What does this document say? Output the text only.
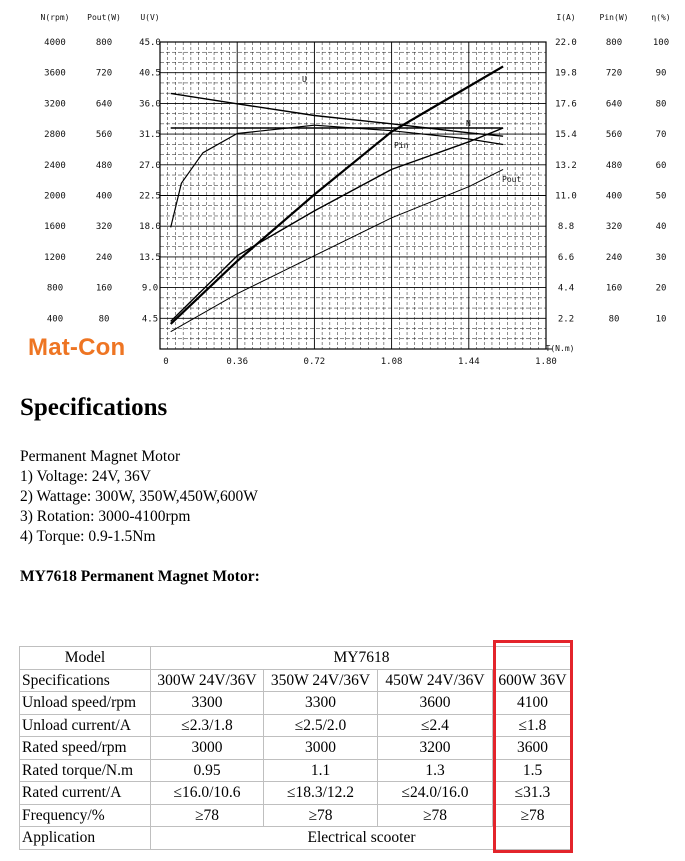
N(rpm) Pout(W) U(V)	I(A)	Pin(W)	η(%)
4000	800	45.0	22.0	800	100
3600	720	40.5	19.8	720	90
3200	640	36.0	17.6	640	80
2800	560	31.5	15.4	560	70
2400	480	27.0	13.2	480	60
2000	400	22.5	11.0	400	50
1600	320	18.0	8.8	320	40
1200	240	13.5	6.6	240	30
800	160	9.0	4.4	160	20
400	80	4.5	2.2	80	10
0	0.36	0.72	1.08	1.44	1.80
T(N.m)
U
N
Pin
Pout
Mat-Con
Specifications
Permanent Magnet Motor
1) Voltage: 24V, 36V
2) Wattage: 300W, 350W,450W,600W
3) Rotation: 3000-4100rpm
4) Torque: 0.9-1.5Nm
MY7618 Permanent Magnet Motor:
Model	MY7618			
Specifications	300W 24V/36V	350W 24V/36V	450W 24V/36V	600W 36V
Unload speed/rpm	3300	3300	3600	4100
Unload current/A	≤2.3/1.8	≤2.5/2.0	≤2.4	≤1.8
Rated speed/rpm	3000	3000	3200	3600
Rated torque/N.m	0.95	1.1	1.3	1.5
Rated current/A	≤16.0/10.6	≤18.3/12.2	≤24.0/16.0	≤31.3
Frequency/%	≥78	≥78	≥78	≥78
Application	Electrical scooter			
